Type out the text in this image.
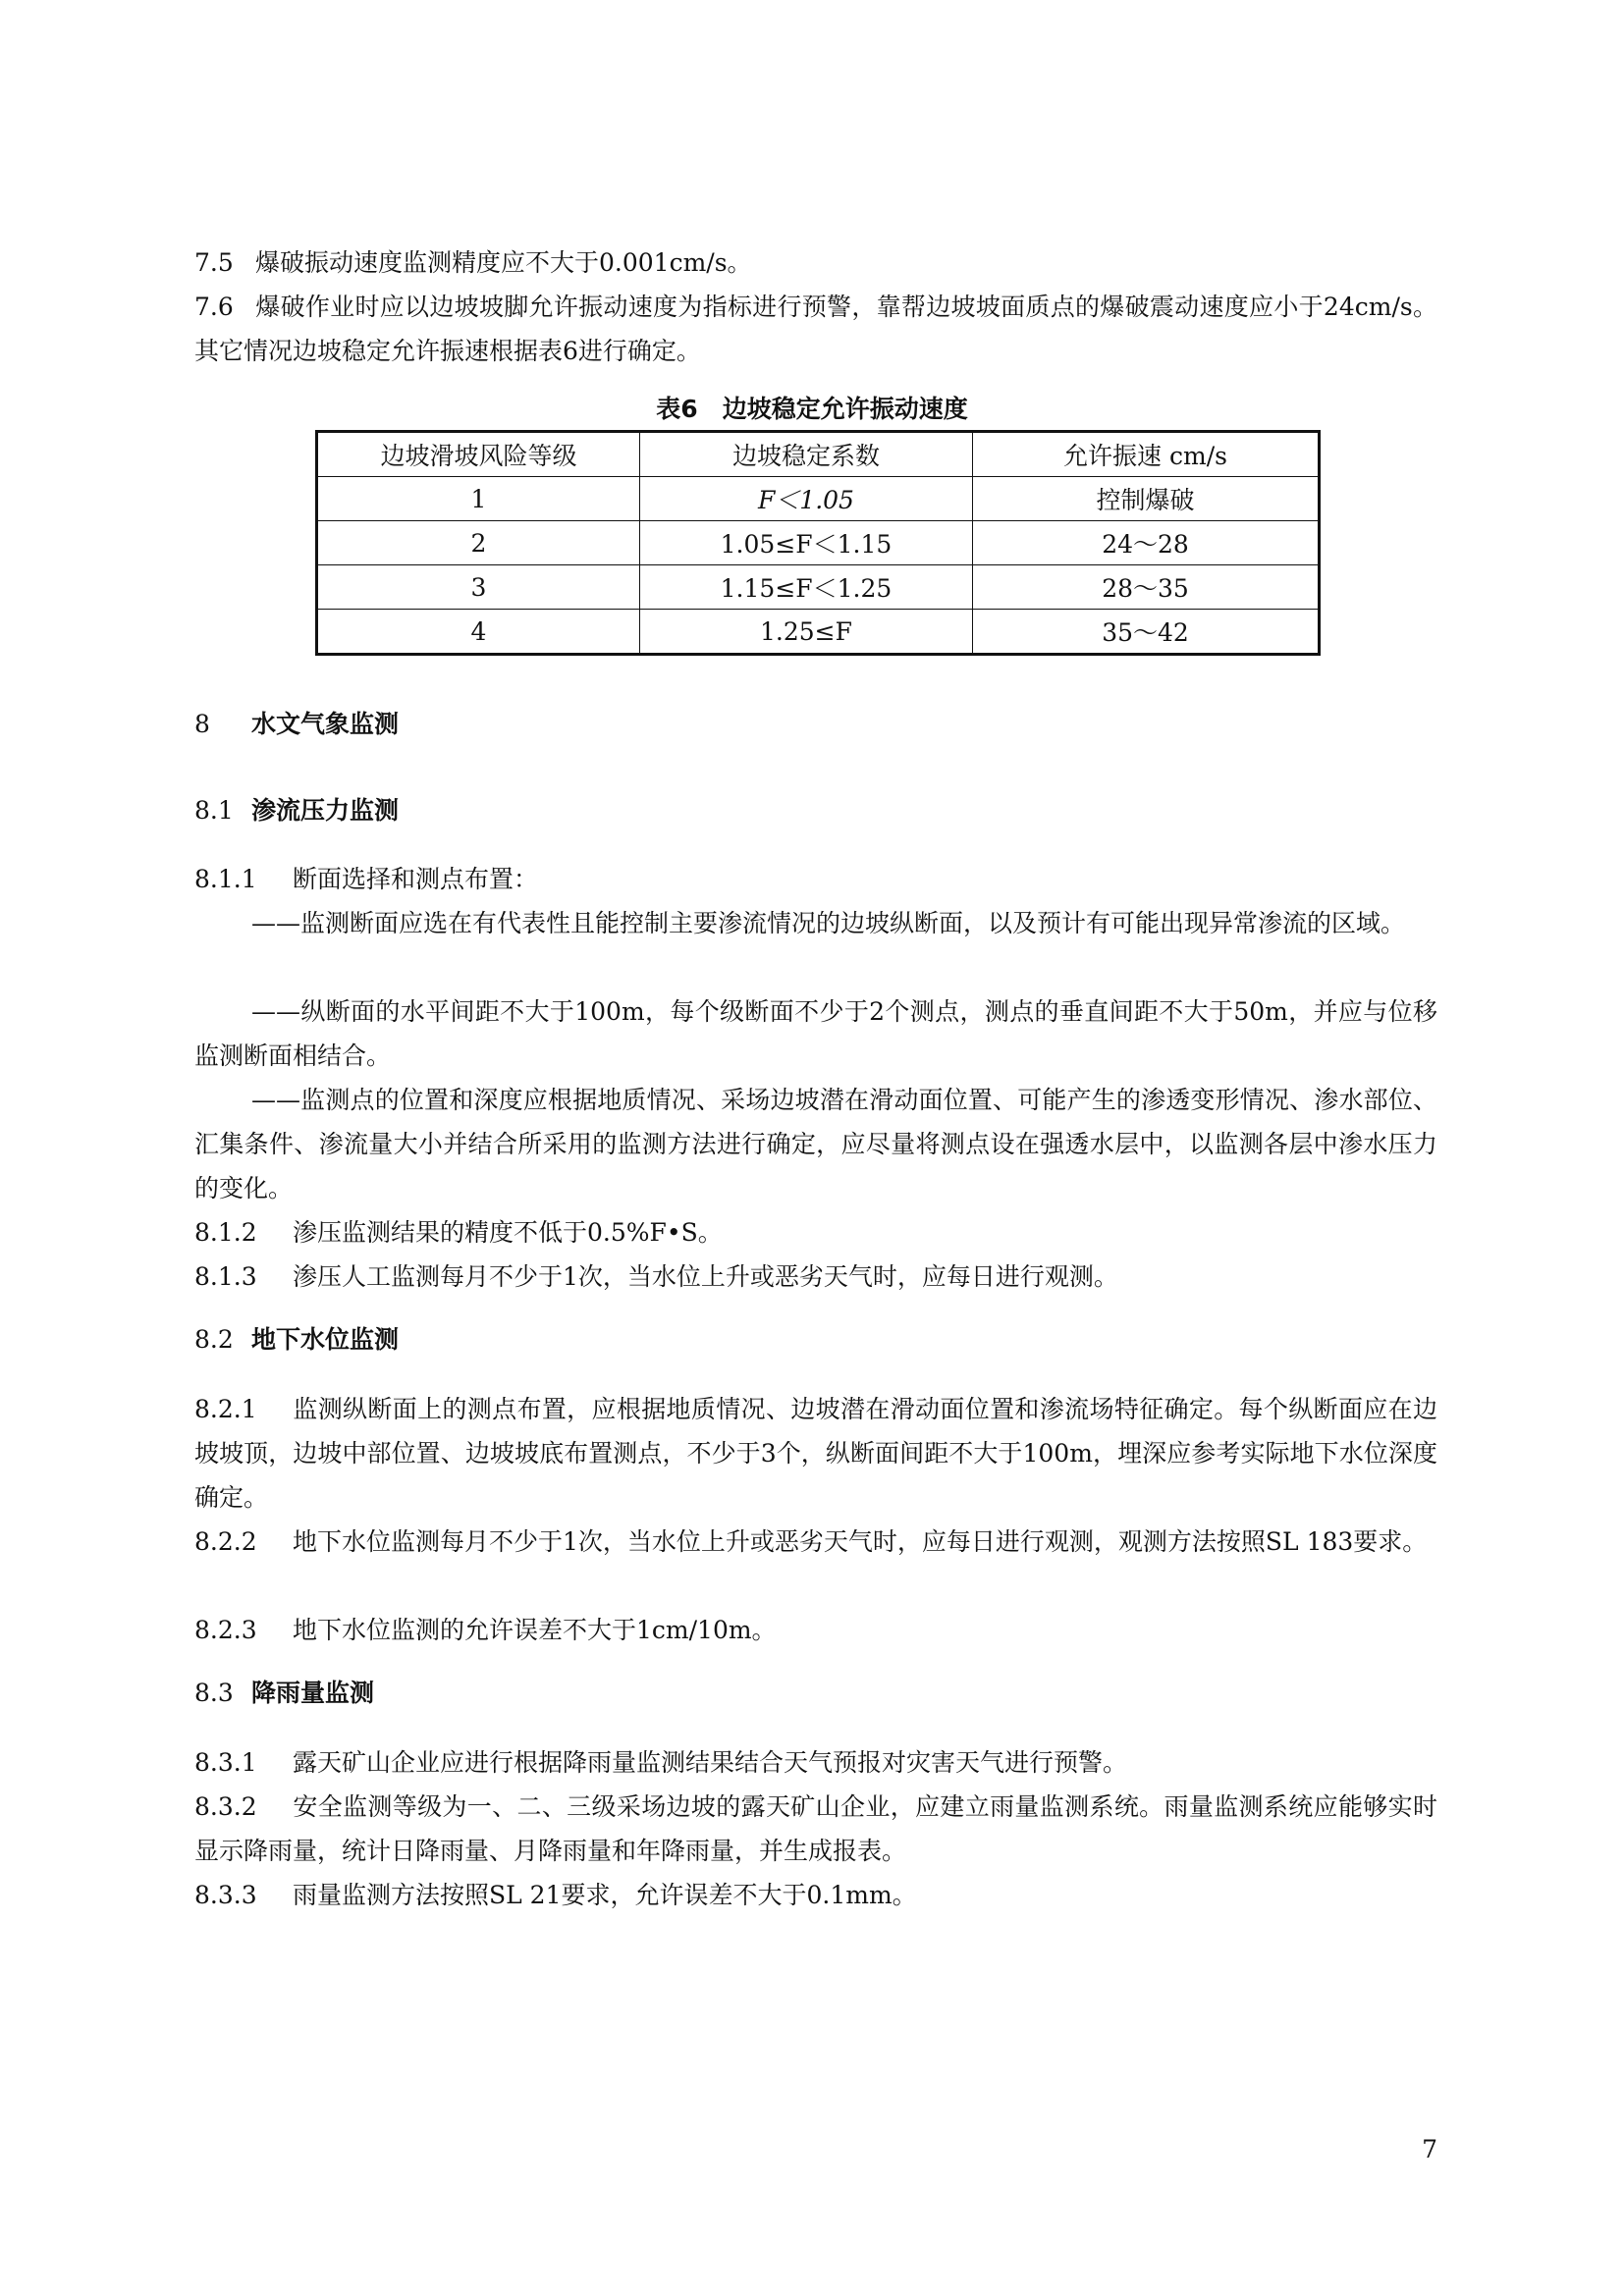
7.5 爆破振动速度监测精度应不大于0.001cm/s。
7.6 爆破作业时应以边坡坡脚允许振动速度为指标进行预警，靠帮边坡坡面质点的爆破震动速度应小于24cm/s。其它情况边坡稳定允许振速根据表6进行确定。
表6　边坡稳定允许振动速度
边坡滑坡风险等级	边坡稳定系数	允许振速 cm/s
1	F＜1.05	控制爆破
2	1.05≤F＜1.15	24～28
3	1.15≤F＜1.25	28～35
4	1.25≤F	35～42
8 水文气象监测
8.1 渗流压力监测
8.1.1 断面选择和测点布置：
——监测断面应选在有代表性且能控制主要渗流情况的边坡纵断面，以及预计有可能出现异常渗流的区域。
——纵断面的水平间距不大于100m，每个级断面不少于2个测点，测点的垂直间距不大于50m，并应与位移监测断面相结合。
——监测点的位置和深度应根据地质情况、采场边坡潜在滑动面位置、可能产生的渗透变形情况、渗水部位、汇集条件、渗流量大小并结合所采用的监测方法进行确定，应尽量将测点设在强透水层中，以监测各层中渗水压力的变化。
8.1.2 渗压监测结果的精度不低于0.5%F•S。
8.1.3 渗压人工监测每月不少于1次，当水位上升或恶劣天气时，应每日进行观测。
8.2 地下水位监测
8.2.1 监测纵断面上的测点布置，应根据地质情况、边坡潜在滑动面位置和渗流场特征确定。每个纵断面应在边坡坡顶，边坡中部位置、边坡坡底布置测点，不少于3个，纵断面间距不大于100m，埋深应参考实际地下水位深度确定。
8.2.2 地下水位监测每月不少于1次，当水位上升或恶劣天气时，应每日进行观测，观测方法按照SL 183要求。
8.2.3 地下水位监测的允许误差不大于1cm/10m。
8.3 降雨量监测
8.3.1 露天矿山企业应进行根据降雨量监测结果结合天气预报对灾害天气进行预警。
8.3.2 安全监测等级为一、二、三级采场边坡的露天矿山企业，应建立雨量监测系统。雨量监测系统应能够实时显示降雨量，统计日降雨量、月降雨量和年降雨量，并生成报表。
8.3.3 雨量监测方法按照SL 21要求，允许误差不大于0.1mm。
7
